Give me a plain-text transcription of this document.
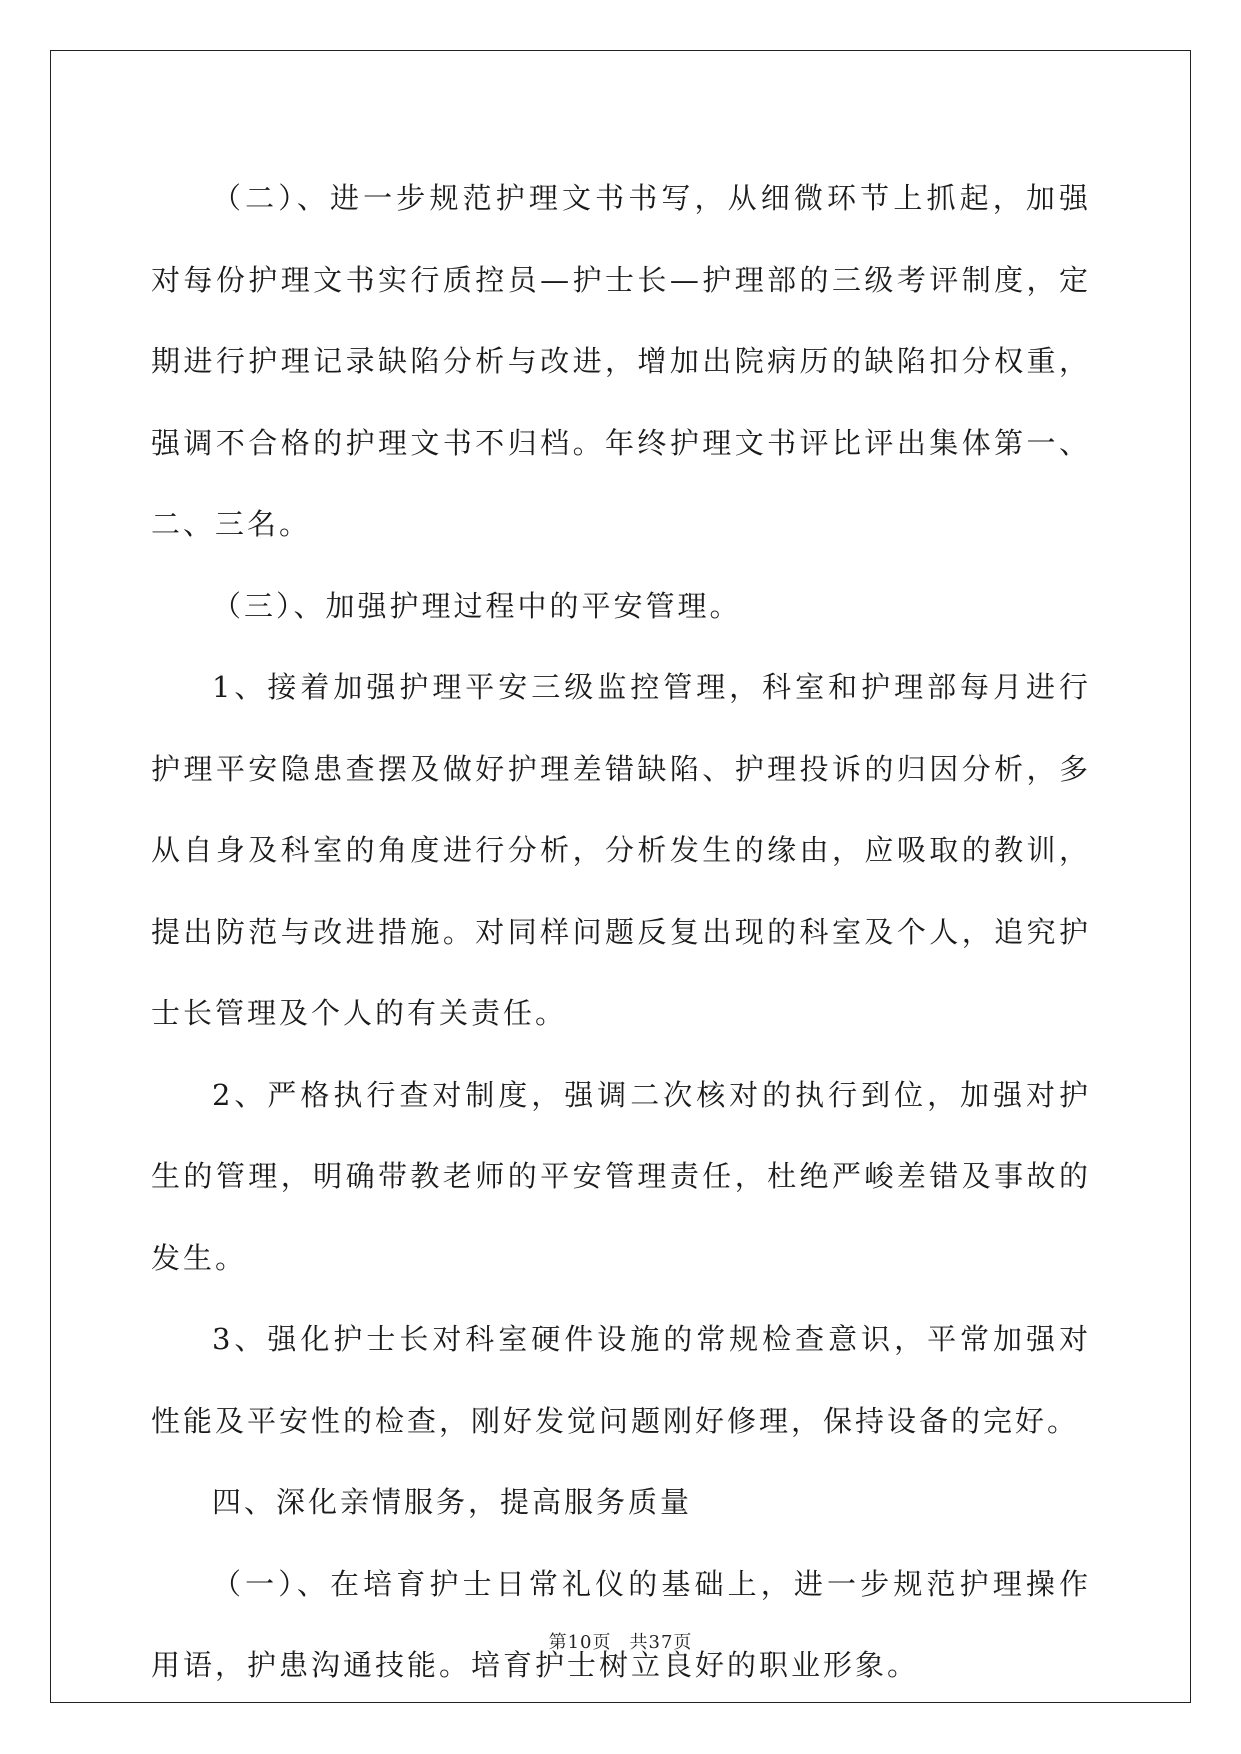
（二）、进一步规范护理文书书写，从细微环节上抓起，加强对每份护理文书实行质控员—护士长—护理部的三级考评制度，定期进行护理记录缺陷分析与改进，增加出院病历的缺陷扣分权重，强调不合格的护理文书不归档。年终护理文书评比评出集体第一、二、三名。

（三）、加强护理过程中的平安管理。

1、接着加强护理平安三级监控管理，科室和护理部每月进行护理平安隐患查摆及做好护理差错缺陷、护理投诉的归因分析，多从自身及科室的角度进行分析，分析发生的缘由，应吸取的教训，提出防范与改进措施。对同样问题反复出现的科室及个人，追究护士长管理及个人的有关责任。

2、严格执行查对制度，强调二次核对的执行到位，加强对护生的管理，明确带教老师的平安管理责任，杜绝严峻差错及事故的发生。

3、强化护士长对科室硬件设施的常规检查意识，平常加强对性能及平安性的检查，刚好发觉问题刚好修理，保持设备的完好。

四、深化亲情服务，提高服务质量

（一）、在培育护士日常礼仪的基础上，进一步规范护理操作用语，护患沟通技能。培育护士树立良好的职业形象。

第10页 共37页
